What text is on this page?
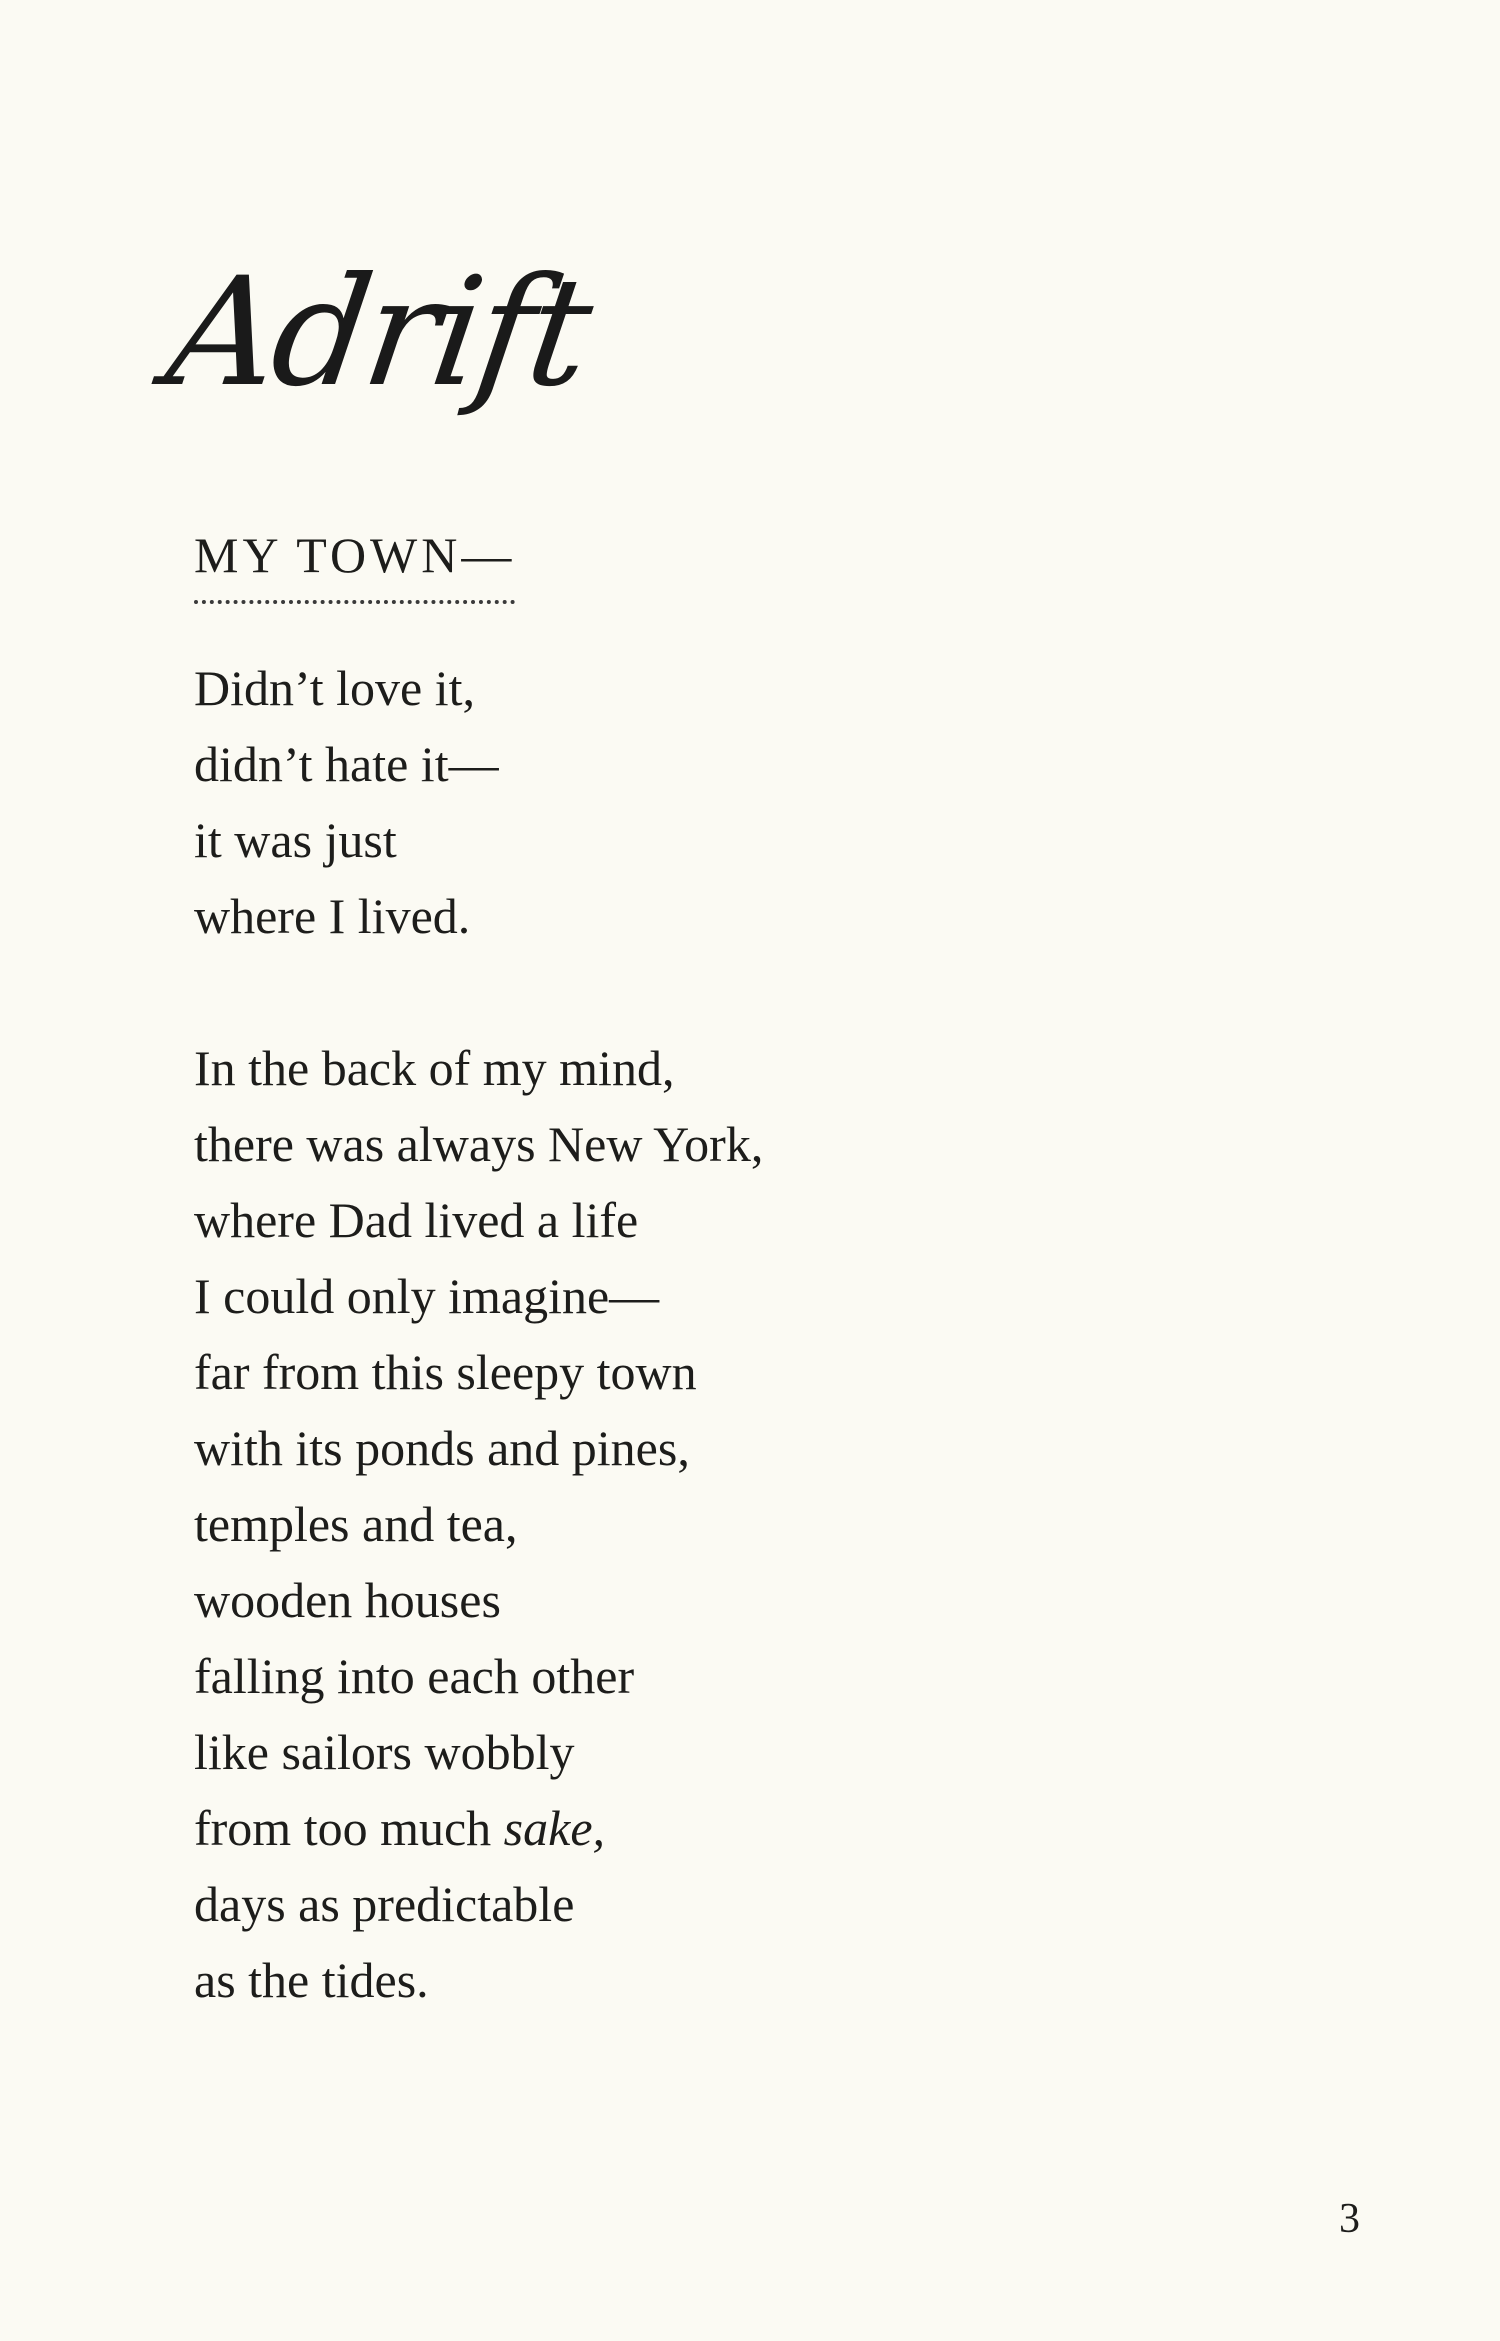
Adrift
MY TOWN—
Didn’t love it,
didn’t hate it—
it was just
where I lived.
In the back of my mind,
there was always New York,
where Dad lived a life
I could only imagine—
far from this sleepy town
with its ponds and pines,
temples and tea,
wooden houses
falling into each other
like sailors wobbly
from too much sake,
days as predictable
as the tides.
3
